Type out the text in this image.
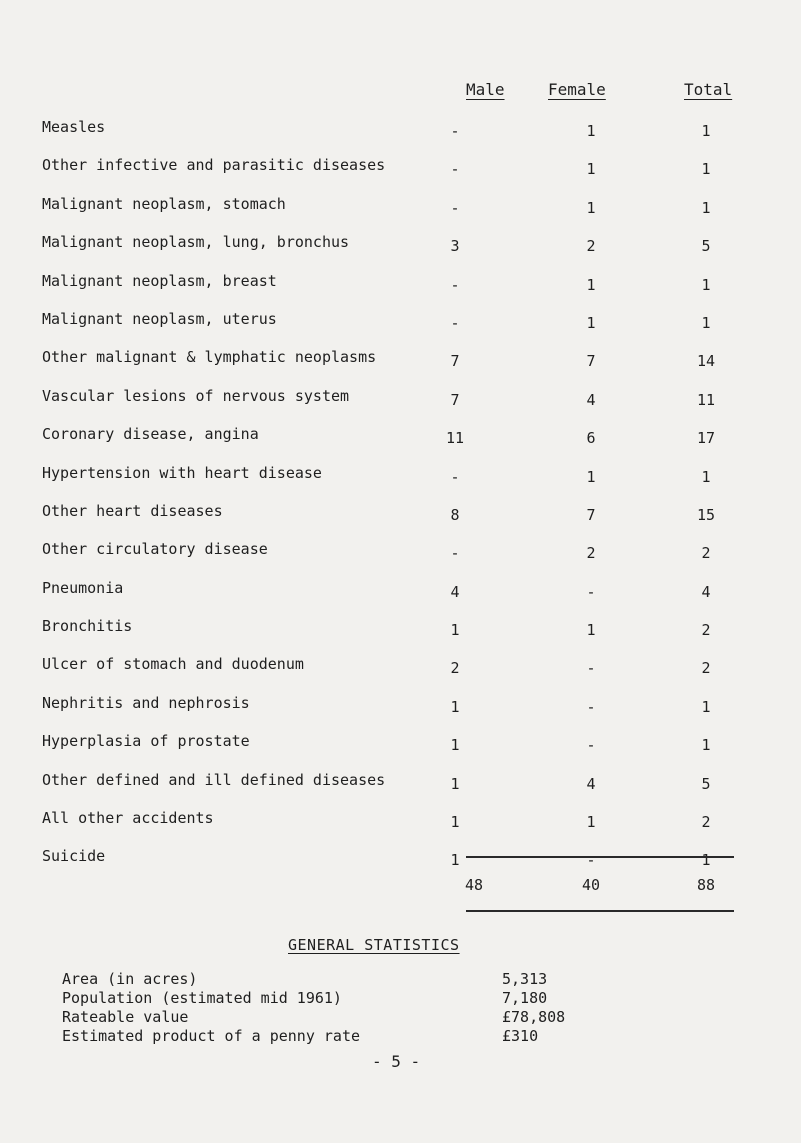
Male	Female	Total
Measles	-	1	1
Other infective and parasitic diseases	-	1	1
Malignant neoplasm, stomach	-	1	1
Malignant neoplasm, lung, bronchus	3	2	5
Malignant neoplasm, breast	-	1	1
Malignant neoplasm, uterus	-	1	1
Other malignant & lymphatic neoplasms	7	7	14
Vascular lesions of nervous system	7	4	11
Coronary disease, angina	11	6	17
Hypertension with heart disease	-	1	1
Other heart diseases	8	7	15
Other circulatory disease	-	2	2
Pneumonia	4	-	4
Bronchitis	1	1	2
Ulcer of stomach and duodenum	2	-	2
Nephritis and nephrosis	1	-	1
Hyperplasia of prostate	1	-	1
Other defined and ill defined diseases	1	4	5
All other accidents	1	1	2
Suicide	1	-	1
48	40	88
GENERAL STATISTICS
Area (in acres)	5,313
Population (estimated mid 1961)	7,180
Rateable value	£78,808
Estimated product of a penny rate	£310
- 5 -
